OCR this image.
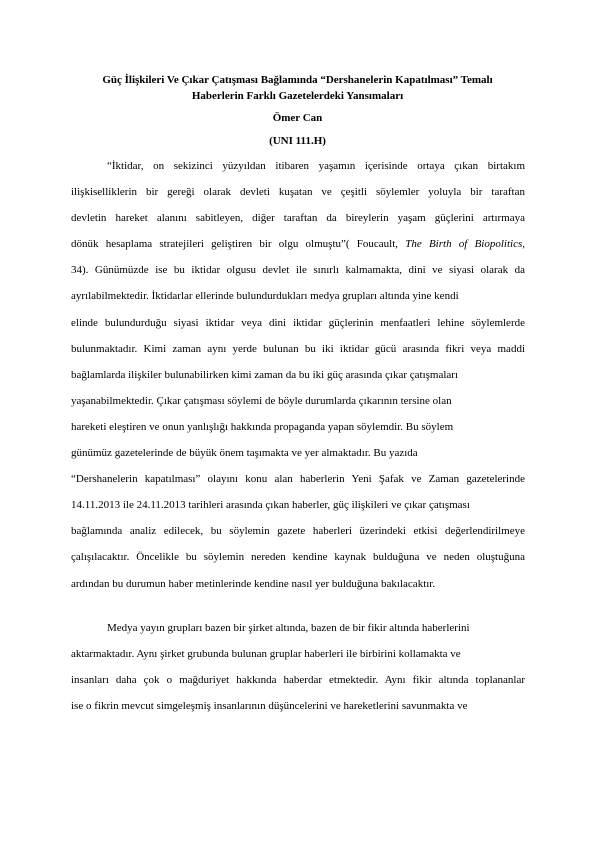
Güç İlişkileri Ve Çıkar Çatışması Bağlamında “Dershanelerin Kapatılması” Temalı
Haberlerin Farklı Gazetelerdeki Yansımaları

Ömer Can

(UNI 111.H)

“İktidar, on sekizinci yüzyıldan itibaren yaşamın içerisinde ortaya çıkan birtakım
ilişkiselliklerin bir gereği olarak devleti kuşatan ve çeşitli söylemler yoluyla bir taraftan
devletin hareket alanını sabitleyen, diğer taraftan da bireylerin yaşam güçlerini artırmaya
dönük hesaplama stratejileri geliştiren bir olgu olmuştu”( Foucault, The Birth of Biopolitics,
34). Günümüzde ise bu iktidar olgusu devlet ile sınırlı kalmamakta, dini ve siyasi olarak da
ayrılabilmektedir. İktidarlar ellerinde bulundurdukları medya grupları altında yine kendi
elinde bulundurduğu siyasi iktidar veya dini iktidar güçlerinin menfaatleri lehine söylemlerde
bulunmaktadır. Kimi zaman aynı yerde bulunan bu iki iktidar gücü arasında fikri veya maddi
bağlamlarda ilişkiler bulunabilirken kimi zaman da bu iki güç arasında çıkar çatışmaları
yaşanabilmektedir. Çıkar çatışması söylemi de böyle durumlarda çıkarının tersine olan
hareketi eleştiren ve onun yanlışlığı hakkında propaganda yapan söylemdir. Bu söylem
günümüz gazetelerinde de büyük önem taşımakta ve yer almaktadır. Bu yazıda
“Dershanelerin kapatılması” olayını konu alan haberlerin Yeni Şafak ve Zaman gazetelerinde
14.11.2013 ile 24.11.2013 tarihleri arasında çıkan haberler, güç ilişkileri ve çıkar çatışması
bağlamında analiz edilecek, bu söylemin gazete haberleri üzerindeki etkisi değerlendirilmeye
çalışılacaktır. Öncelikle bu söylemin nereden kendine kaynak bulduğuna ve neden oluştuğuna
ardından bu durumun haber metinlerinde kendine nasıl yer bulduğuna bakılacaktır.
Medya yayın grupları bazen bir şirket altında, bazen de bir fikir altında haberlerini
aktarmaktadır. Aynı şirket grubunda bulunan gruplar haberleri ile birbirini kollamakta ve
insanları daha çok o mağduriyet hakkında haberdar etmektedir. Aynı fikir altında toplananlar
ise o fikrin mevcut simgeleşmiş insanlarının düşüncelerini ve hareketlerini savunmakta ve
